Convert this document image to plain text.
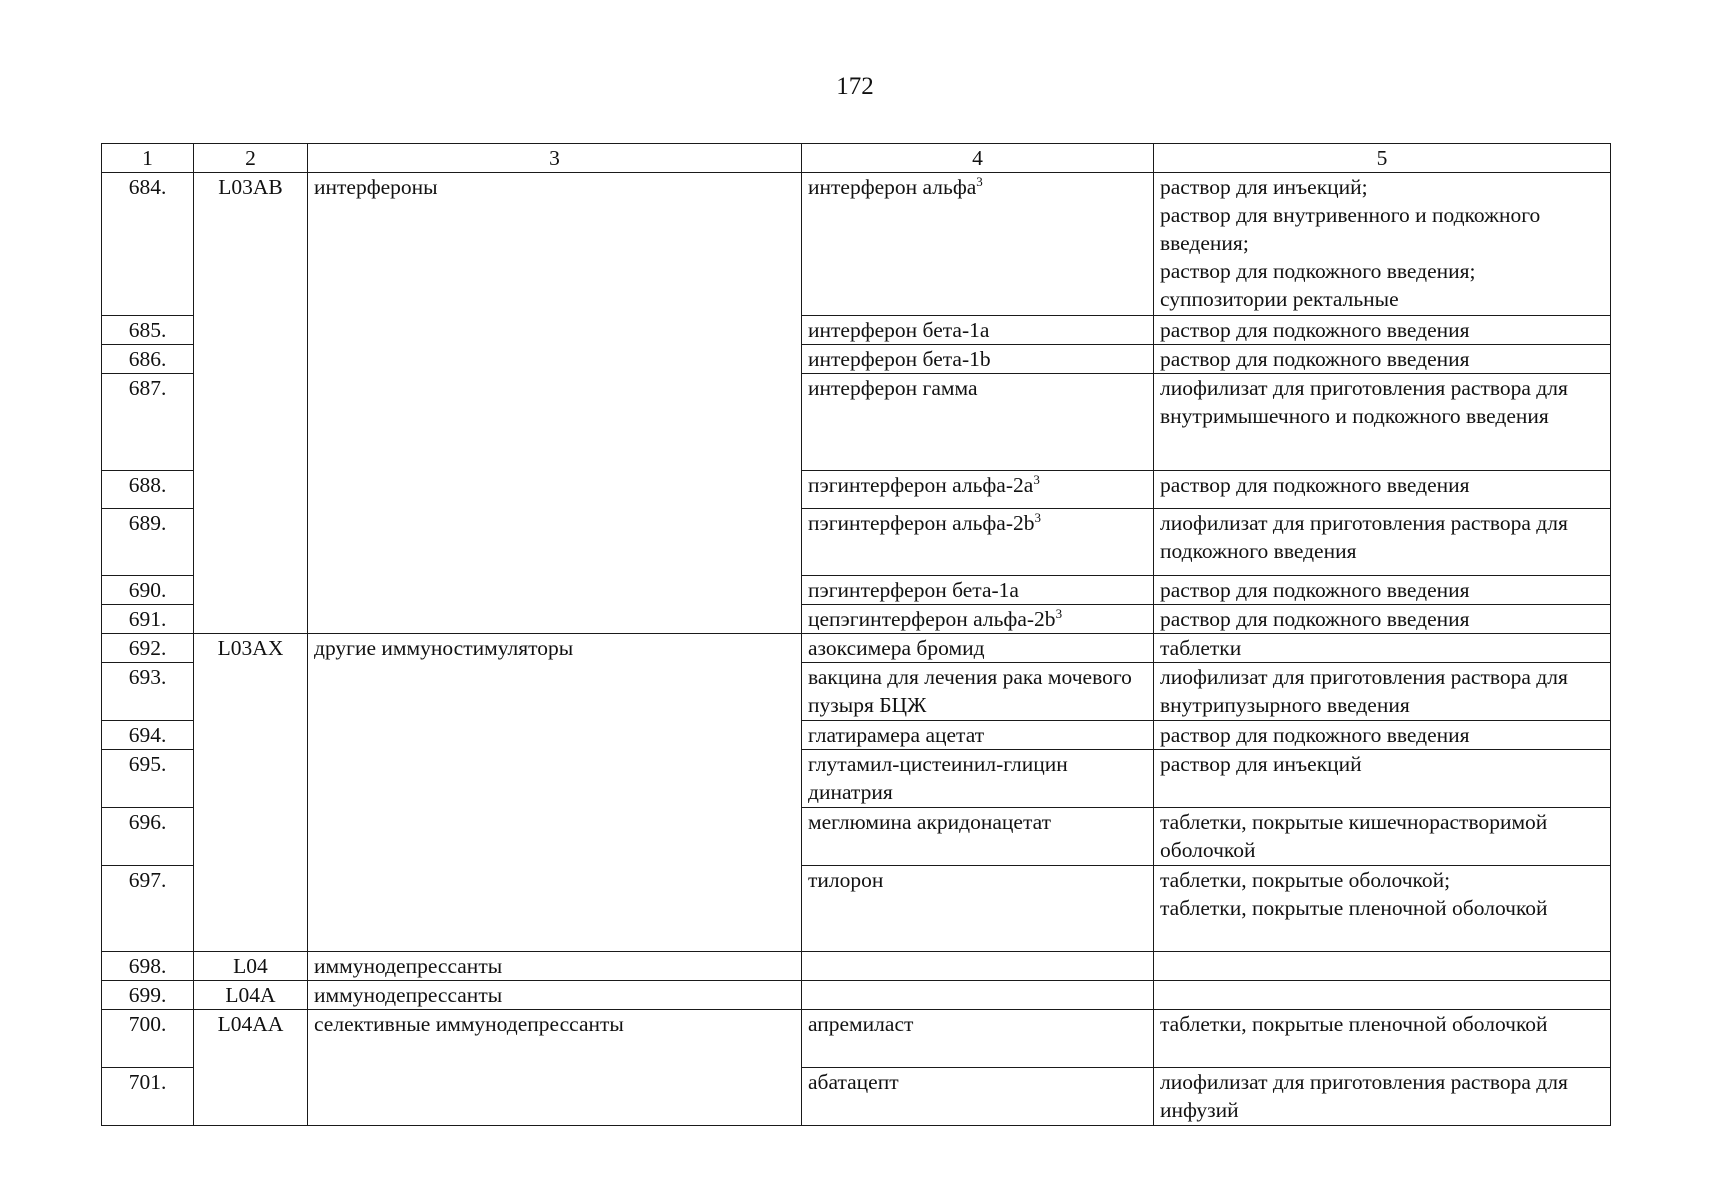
172
1	2	3	4	5
684.	L03AB	интерфероны	интерферон альфа$^3$	раствор для инъекций;
раствор для внутривенного и подкожного введения;
раствор для подкожного введения;
суппозитории ректальные

685.			интерферон бета-1a	раствор для подкожного введения
686.			интерферон бета-1b	раствор для подкожного введения
687.			интерферон гамма	лиофилизат для приготовления раствора для внутримышечного и подкожного введения
688.			пэгинтерферон альфа-$2a^3$	раствор для подкожного введения
689.			пэгинтерферон альфа-$2b^3$	лиофилизат для приготовления раствора для подкожного введения
690.			пэгинтерферон бета-1a	раствор для подкожного введения
691.			цепэгинтерферон альфа-$2b^3$	раствор для подкожного введения
692.	L03AX	другие иммуностимуляторы	азоксимера бромид	таблетки
693.			вакцина для лечения рака мочевого пузыря БЦЖ	лиофилизат для приготовления раствора для внутрипузырного введения
694.			глатирамера ацетат	раствор для подкожного введения
695.			глутамил-цистеинил-глицин динатрия	раствор для инъекций
696.			меглюмина акридонацетат	таблетки, покрытые кишечнорастворимой оболочкой
697.			тилорон	таблетки, покрытые оболочкой;
таблетки, покрытые пленочной оболочкой

698.	L04	иммунодепрессанты		
699.	L04A	иммунодепрессанты		
700.	L04AA	селективные иммунодепрессанты	апремиласт	таблетки, покрытые пленочной оболочкой
701.			абатацепт	лиофилизат для приготовления раствора для инфузий
